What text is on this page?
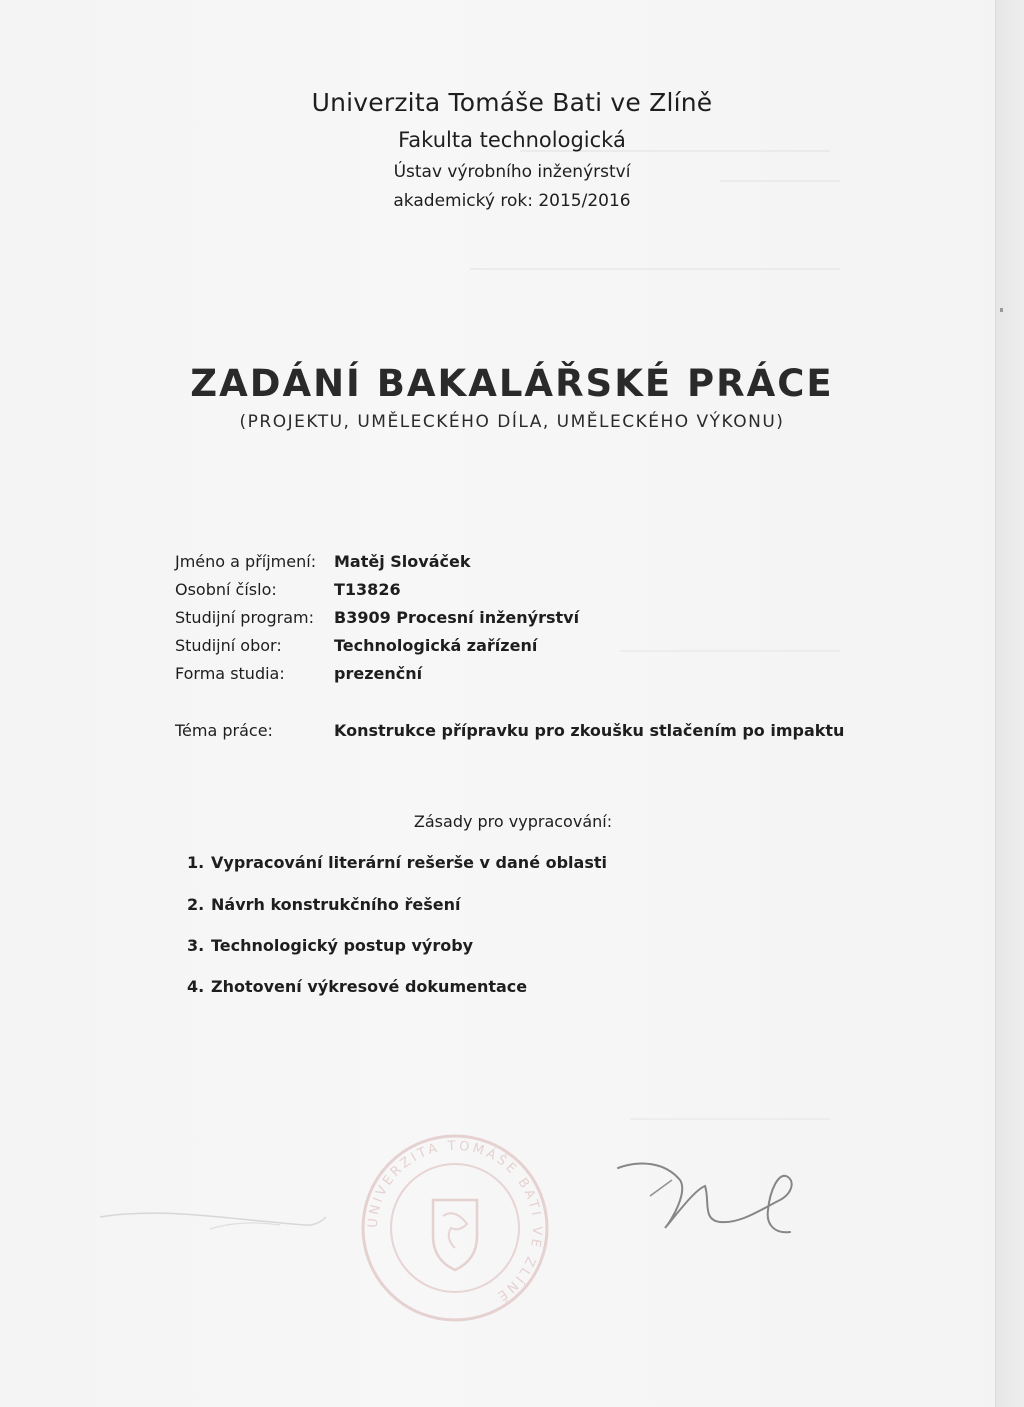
Univerzita Tomáše Bati ve Zlíně
Fakulta technologická
Ústav výrobního inženýrství
akademický rok: 2015/2016
ZADÁNÍ BAKALÁŘSKÉ PRÁCE
(PROJEKTU, UMĚLECKÉHO DÍLA, UMĚLECKÉHO VÝKONU)
Jméno a příjmení:	Matěj Slováček
Osobní číslo:	T13826
Studijní program:	B3909 Procesní inženýrství
Studijní obor:	Technologická zařízení
Forma studia:	prezenční
Téma práce:	Konstrukce přípravku pro zkoušku stlačením po impaktu
Zásady pro vypracování:
1. Vypracování literární rešerše v dané oblasti
2. Návrh konstrukčního řešení
3. Technologický postup výroby
4. Zhotovení výkresové dokumentace
UNIVERZITA TOMÁŠE BATI VE ZLÍNĚ
